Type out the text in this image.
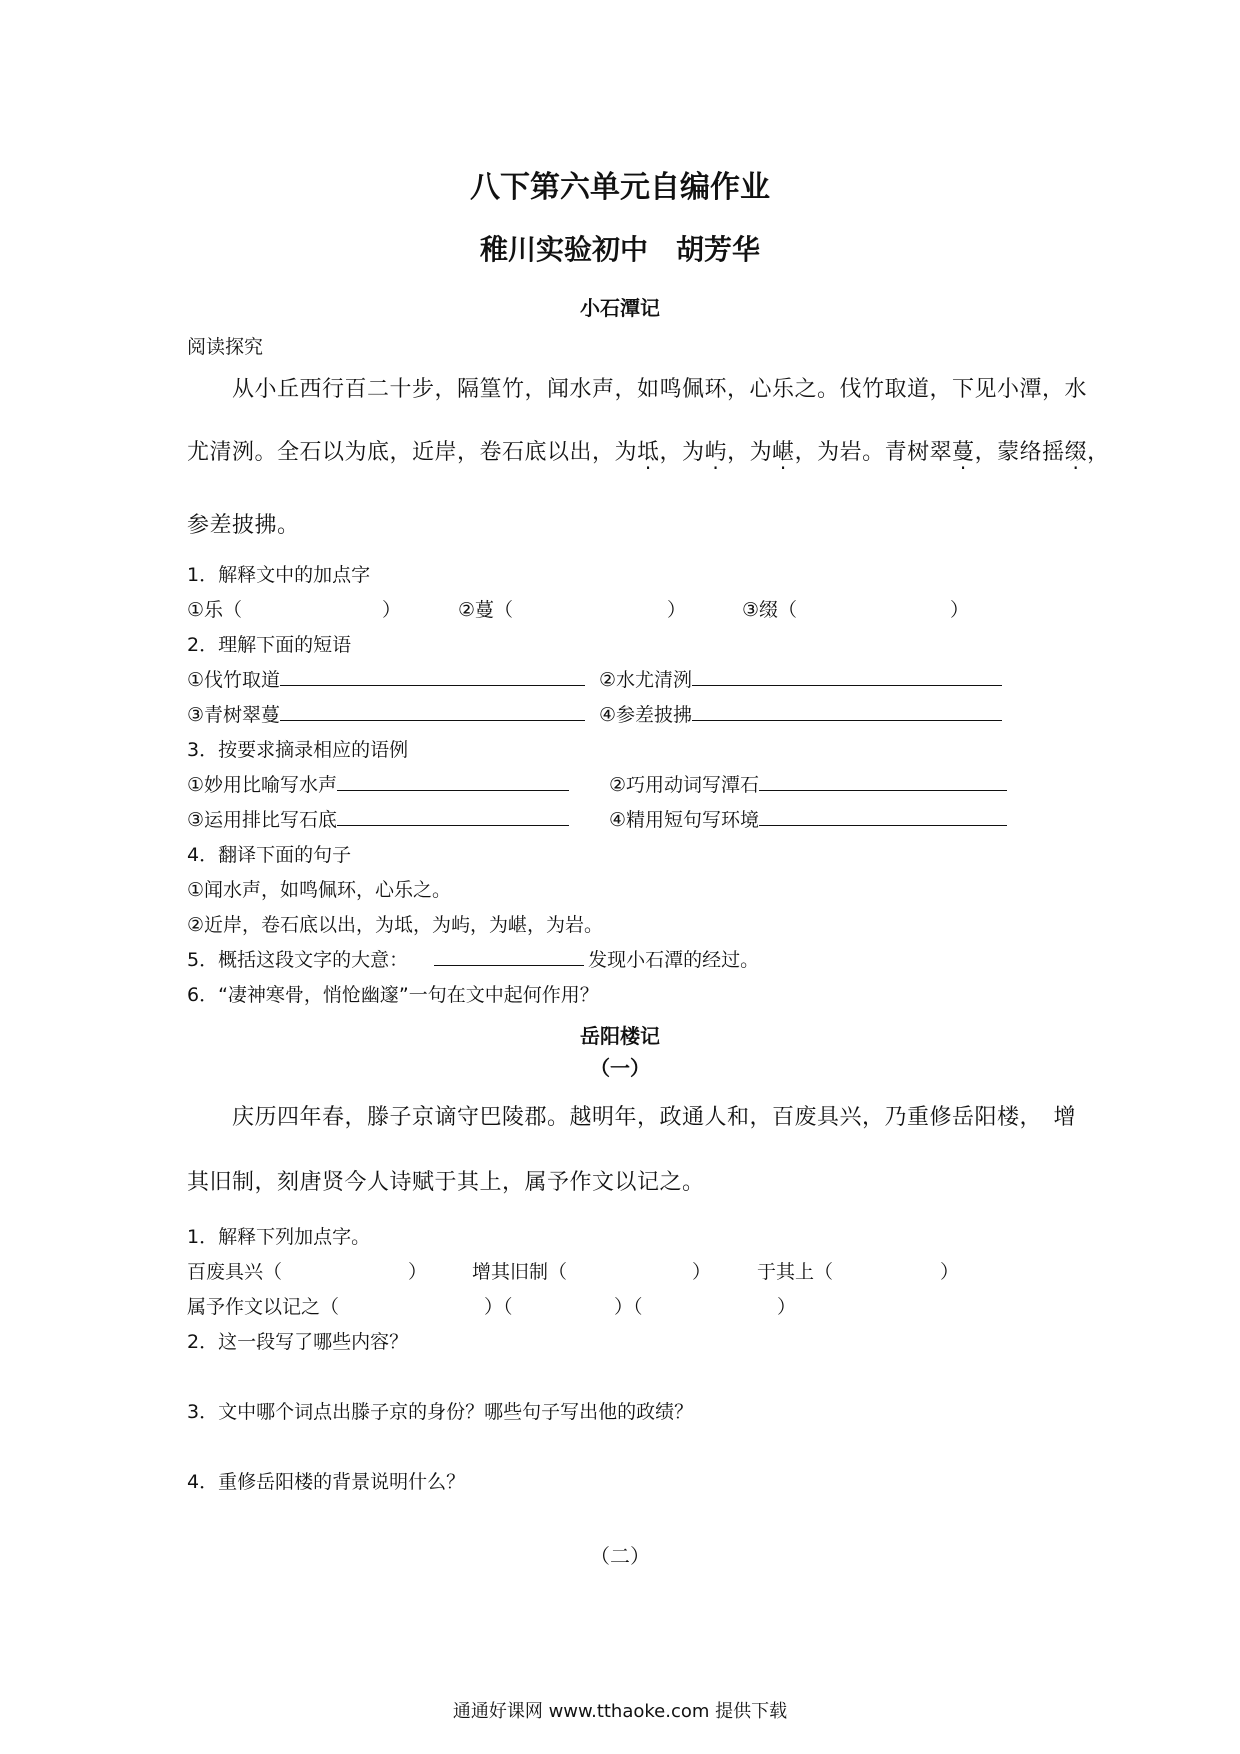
八下第六单元自编作业
稚川实验初中　胡芳华
小石潭记
阅读探究
从小丘西行百二十步，隔篁竹，闻水声，如鸣佩环，心乐之。伐竹取道，下见小潭，水
尤清洌。全石以为底，近岸，卷石底以出，为坻，为屿，为嵁，为岩。青树翠蔓，蒙络摇缀，
参差披拂。
1．解释文中的加点字
①乐（	）	②蔓（	）	③缀（	）
2．理解下面的短语
①伐竹取道	②水尤清洌
③青树翠蔓	④参差披拂
3．按要求摘录相应的语例
①妙用比喻写水声	②巧用动词写潭石
③运用排比写石底	④精用短句写环境
4．翻译下面的句子
①闻水声，如鸣佩环，心乐之。
②近岸，卷石底以出，为坻，为屿，为嵁，为岩。
5．概括这段文字的大意：	发现小石潭的经过。
6．“凄神寒骨，悄怆幽邃”一句在文中起何作用？
岳阳楼记
（一）
庆历四年春，滕子京谪守巴陵郡。越明年，政通人和，百废具兴，乃重修岳阳楼，　增
其旧制，刻唐贤今人诗赋于其上，属予作文以记之。
1．解释下列加点字。
百废具兴（	） 增其旧制（	） 于其上（	）
属予作文以记之（	）（	）（	）
2．这一段写了哪些内容？
3．文中哪个词点出滕子京的身份？哪些句子写出他的政绩？
4．重修岳阳楼的背景说明什么？
（二）
通通好课网 www.tthaoke.com 提供下载
